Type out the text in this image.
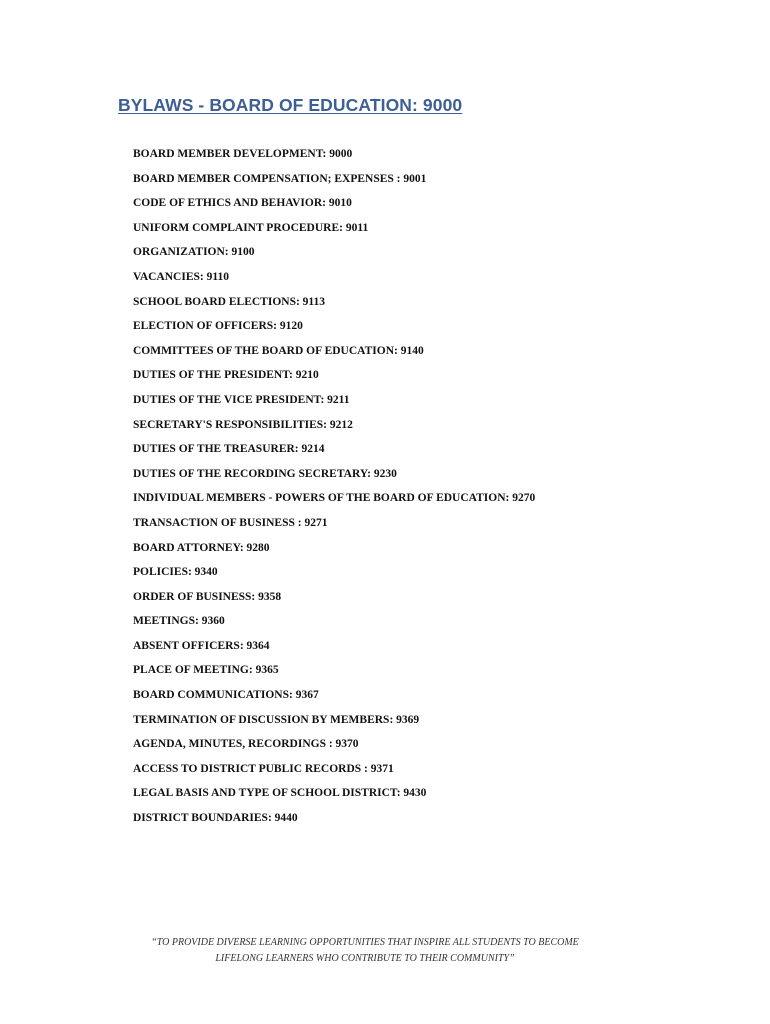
BYLAWS - BOARD OF EDUCATION: 9000
BOARD MEMBER DEVELOPMENT: 9000
BOARD MEMBER COMPENSATION; EXPENSES : 9001
CODE OF ETHICS AND BEHAVIOR: 9010
UNIFORM COMPLAINT PROCEDURE: 9011
ORGANIZATION: 9100
VACANCIES: 9110
SCHOOL BOARD ELECTIONS: 9113
ELECTION OF OFFICERS: 9120
COMMITTEES OF THE BOARD OF EDUCATION: 9140
DUTIES OF THE PRESIDENT: 9210
DUTIES OF THE VICE PRESIDENT: 9211
SECRETARY'S RESPONSIBILITIES: 9212
DUTIES OF THE TREASURER: 9214
DUTIES OF THE RECORDING SECRETARY: 9230
INDIVIDUAL MEMBERS - POWERS OF THE BOARD OF EDUCATION: 9270
TRANSACTION OF BUSINESS : 9271
BOARD ATTORNEY: 9280
POLICIES: 9340
ORDER OF BUSINESS: 9358
MEETINGS: 9360
ABSENT OFFICERS: 9364
PLACE OF MEETING: 9365
BOARD COMMUNICATIONS: 9367
TERMINATION OF DISCUSSION BY MEMBERS: 9369
AGENDA, MINUTES, RECORDINGS : 9370
ACCESS TO DISTRICT PUBLIC RECORDS : 9371
LEGAL BASIS AND TYPE OF SCHOOL DISTRICT: 9430
DISTRICT BOUNDARIES: 9440
“TO PROVIDE DIVERSE LEARNING OPPORTUNITIES THAT INSPIRE ALL STUDENTS TO BECOME
LIFELONG LEARNERS WHO CONTRIBUTE TO THEIR COMMUNITY”
